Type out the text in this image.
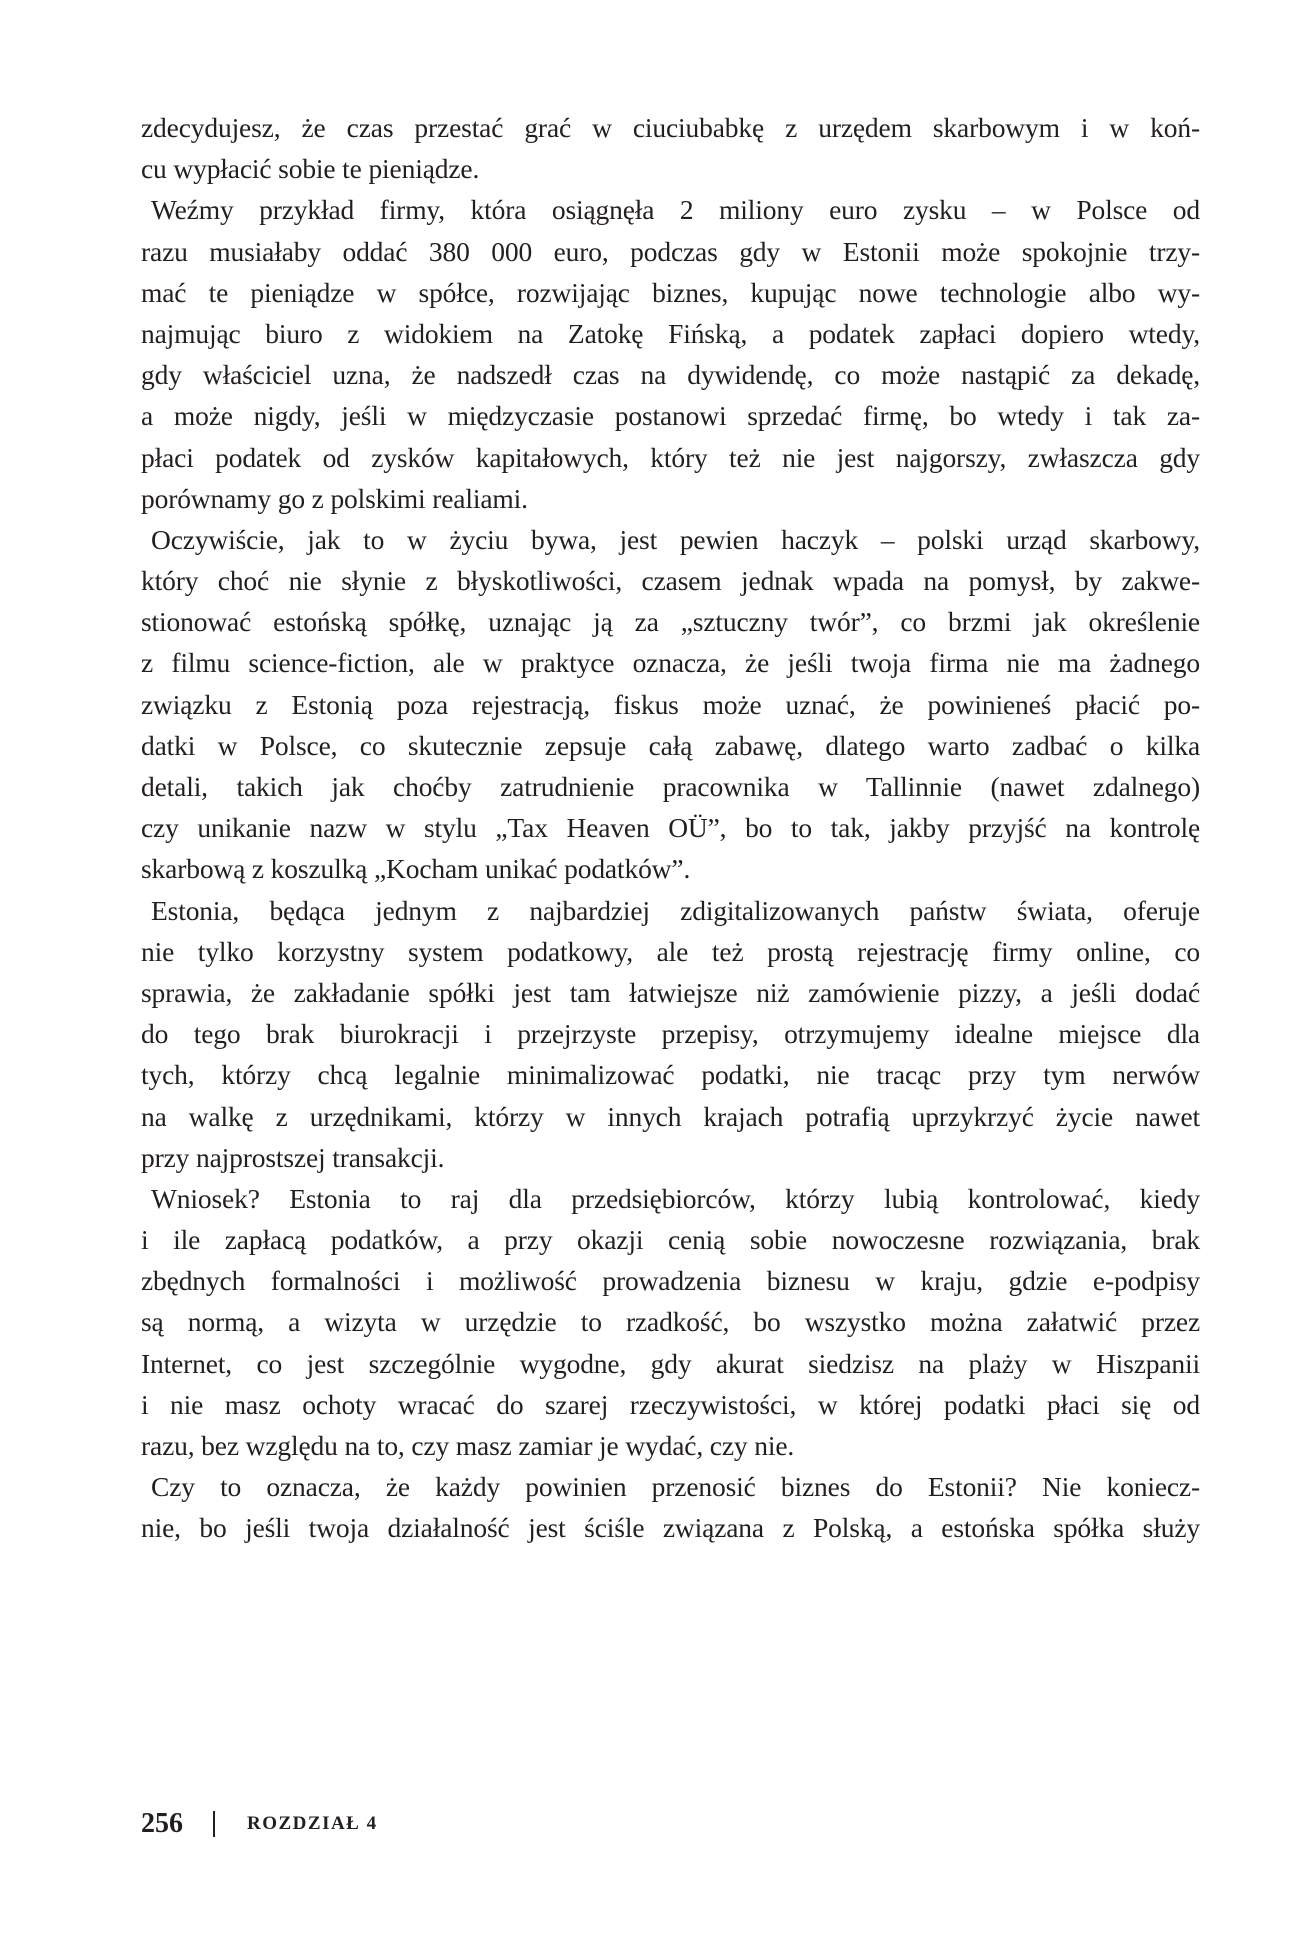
zdecydujesz, że czas przestać grać w ciuciubabkę z urzędem skarbowym i w koń-
cu wypłacić sobie te pieniądze.
Weźmy przykład firmy, która osiągnęła 2 miliony euro zysku – w Polsce od
razu musiałaby oddać 380 000 euro, podczas gdy w Estonii może spokojnie trzy-
mać te pieniądze w spółce, rozwijając biznes, kupując nowe technologie albo wy-
najmując biuro z widokiem na Zatokę Fińską, a podatek zapłaci dopiero wtedy,
gdy właściciel uzna, że nadszedł czas na dywidendę, co może nastąpić za dekadę,
a może nigdy, jeśli w międzyczasie postanowi sprzedać firmę, bo wtedy i tak za-
płaci podatek od zysków kapitałowych, który też nie jest najgorszy, zwłaszcza gdy
porównamy go z polskimi realiami.
Oczywiście, jak to w życiu bywa, jest pewien haczyk – polski urząd skarbowy,
który choć nie słynie z błyskotliwości, czasem jednak wpada na pomysł, by zakwe-
stionować estońską spółkę, uznając ją za „sztuczny twór”, co brzmi jak określenie
z filmu science-fiction, ale w praktyce oznacza, że jeśli twoja firma nie ma żadnego
związku z Estonią poza rejestracją, fiskus może uznać, że powinieneś płacić po-
datki w Polsce, co skutecznie zepsuje całą zabawę, dlatego warto zadbać o kilka
detali, takich jak choćby zatrudnienie pracownika w Tallinnie (nawet zdalnego)
czy unikanie nazw w stylu „Tax Heaven OÜ”, bo to tak, jakby przyjść na kontrolę
skarbową z koszulką „Kocham unikać podatków”.
Estonia, będąca jednym z najbardziej zdigitalizowanych państw świata, oferuje
nie tylko korzystny system podatkowy, ale też prostą rejestrację firmy online, co
sprawia, że zakładanie spółki jest tam łatwiejsze niż zamówienie pizzy, a jeśli dodać
do tego brak biurokracji i przejrzyste przepisy, otrzymujemy idealne miejsce dla
tych, którzy chcą legalnie minimalizować podatki, nie tracąc przy tym nerwów
na walkę z urzędnikami, którzy w innych krajach potrafią uprzykrzyć życie nawet
przy najprostszej transakcji.
Wniosek? Estonia to raj dla przedsiębiorców, którzy lubią kontrolować, kiedy
i ile zapłacą podatków, a przy okazji cenią sobie nowoczesne rozwiązania, brak
zbędnych formalności i możliwość prowadzenia biznesu w kraju, gdzie e-podpisy
są normą, a wizyta w urzędzie to rzadkość, bo wszystko można załatwić przez
Internet, co jest szczególnie wygodne, gdy akurat siedzisz na plaży w Hiszpanii
i nie masz ochoty wracać do szarej rzeczywistości, w której podatki płaci się od
razu, bez względu na to, czy masz zamiar je wydać, czy nie.
Czy to oznacza, że każdy powinien przenosić biznes do Estonii? Nie koniecz-
nie, bo jeśli twoja działalność jest ściśle związana z Polską, a estońska spółka służy
256	ROZDZIAŁ 4
